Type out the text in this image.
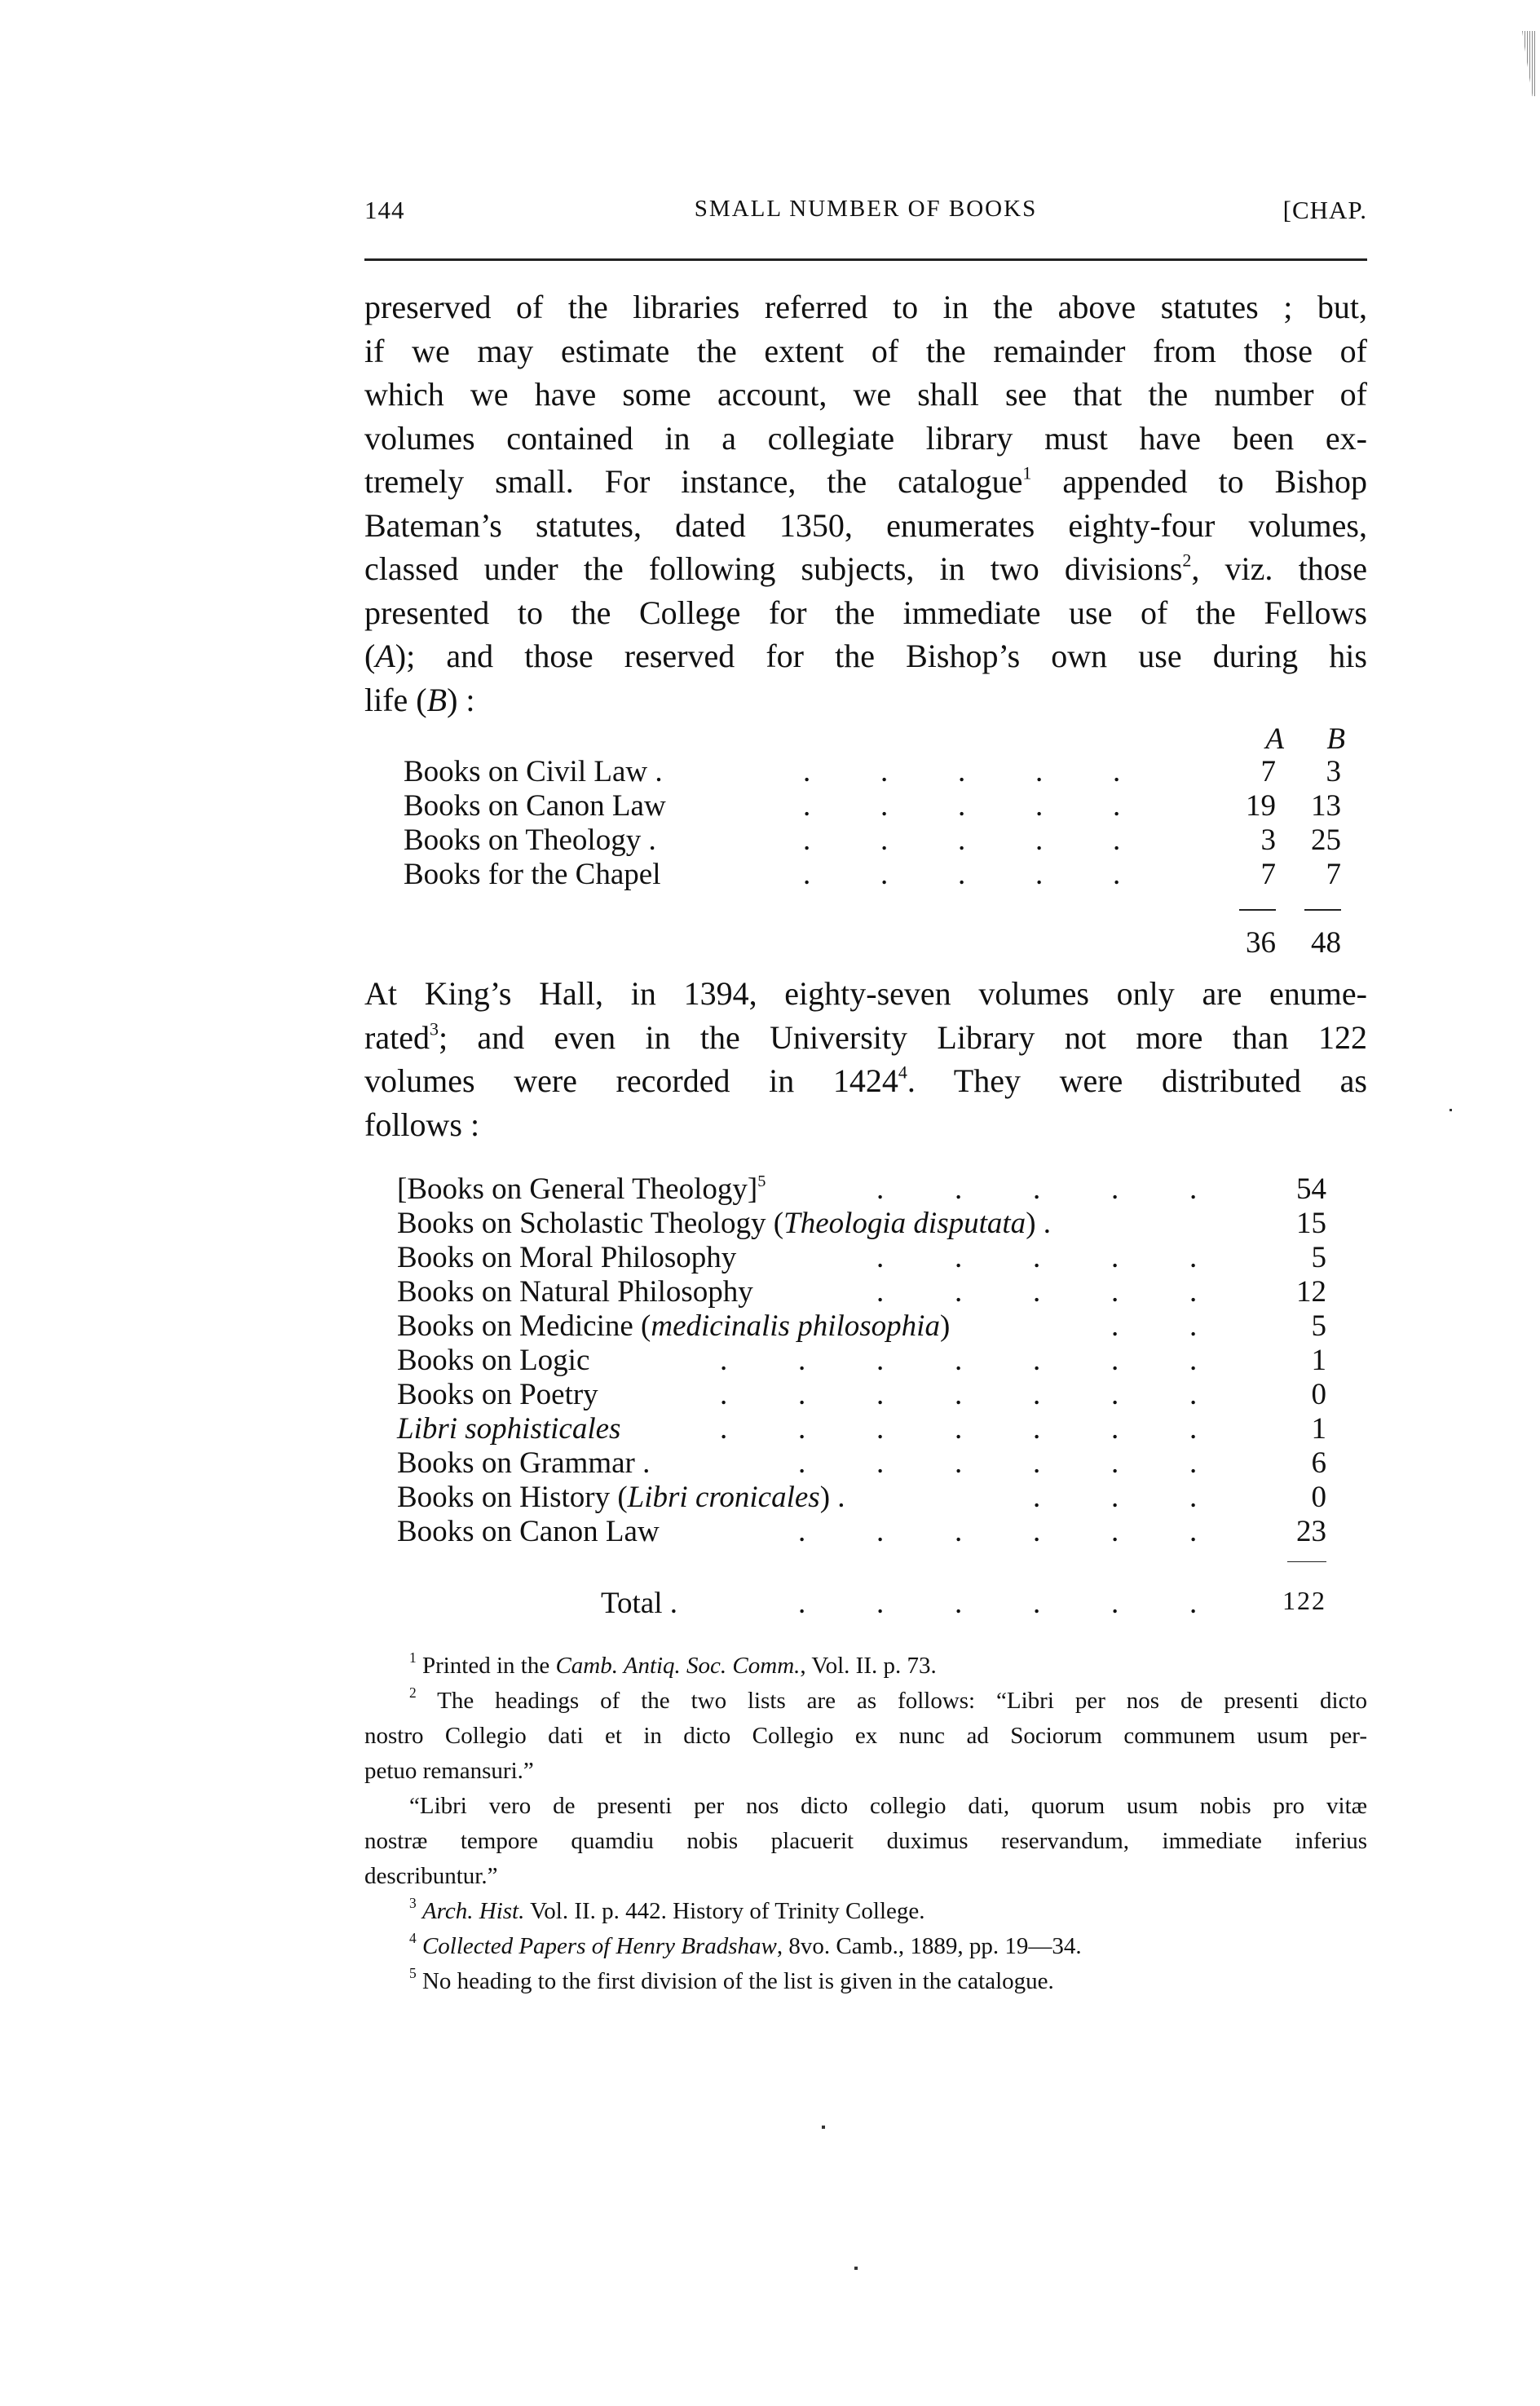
144	SMALL NUMBER OF BOOKS	[CHAP.
preserved of the libraries referred to in the above statutes ; but,
if we may estimate the extent of the remainder from those of
which we have some account, we shall see that the number of
volumes contained in a collegiate library must have been ex-
tremely small. For instance, the catalogue$^1$ appended to Bishop
Bateman’s statutes, dated 1350, enumerates eighty-four volumes,
classed under the following subjects, in two divisions$^2$, viz. those
presented to the College for the immediate use of the Fellows
(A); and those reserved for the Bishop’s own use during his
life (B) :
A	B
Books on Civil Law .	. . . . .	7	3
Books on Canon Law	. . . . .	19	13
Books on Theology .	. . . . .	3	25
Books for the Chapel	. . . . .	7	7
36	48
At King’s Hall, in 1394, eighty-seven volumes only are enume-
rated$^3$; and even in the University Library not more than 122
volumes were recorded in 1424$^4$. They were distributed as
follows :
[Books on General Theology]$^5$	. . . . .	54
Books on Scholastic Theology (Theologia disputata) .	15
Books on Moral Philosophy	. . . . .	5
Books on Natural Philosophy	. . . . .	12
Books on Medicine (medicinalis philosophia)	. .	5
Books on Logic	. . . . . . .	1
Books on Poetry	. . . . . . .	0
Libri sophisticales	. . . . . . .	1
Books on Grammar .	. . . . . .	6
Books on History (Libri cronicales) .	. . .	0
Books on Canon Law	. . . . . .	23
Total .	. . . . . .	122
$^1$ Printed in the Camb. Antiq. Soc. Comm., Vol. II. p. 73.
$^2$ The headings of the two lists are as follows: “Libri per nos de presenti dicto
nostro Collegio dati et in dicto Collegio ex nunc ad Sociorum communem usum per-
petuo remansuri.”
“Libri vero de presenti per nos dicto collegio dati, quorum usum nobis pro vitæ
nostræ tempore quamdiu nobis placuerit duximus reservandum, immediate inferius
describuntur.”
$^3$ Arch. Hist. Vol. II. p. 442. History of Trinity College.
$^4$ Collected Papers of Henry Bradshaw, 8vo. Camb., 1889, pp. 19—34.
$^5$ No heading to the first division of the list is given in the catalogue.
